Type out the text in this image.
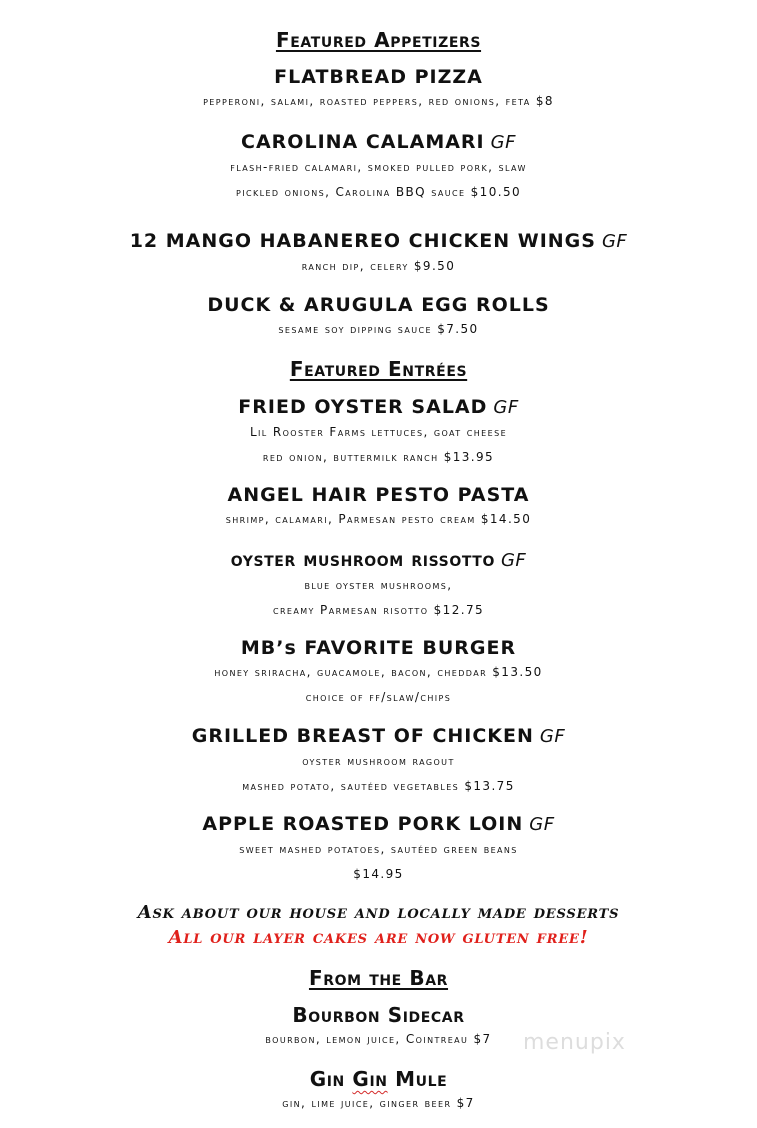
Featured Appetizers

FLATBREAD PIZZA

pepperoni, salami, roasted peppers, red onions, feta $8

CAROLINA CALAMARI GF

flash-fried calamari, smoked pulled pork, slaw

pickled onions, Carolina BBQ sauce $10.50

12 MANGO HABANEREO CHICKEN WINGS GF

ranch dip, celery $9.50

DUCK & ARUGULA EGG ROLLS

sesame soy dipping sauce $7.50

Featured Entrées

FRIED OYSTER SALAD GF

Lil Rooster Farms lettuces, goat cheese

red onion, buttermilk ranch $13.95

ANGEL HAIR PESTO PASTA

shrimp, calamari, Parmesan pesto cream $14.50

oyster mushroom rissotto GF

blue oyster mushrooms,

creamy Parmesan risotto $12.75

MB’s FAVORITE BURGER

honey sriracha, guacamole, bacon, cheddar $13.50

choice of ff/slaw/chips

GRILLED BREAST OF CHICKEN GF

oyster mushroom ragout

mashed potato, sautéed vegetables $13.75

APPLE ROASTED PORK LOIN GF

sweet mashed potatoes, sautéed green beans

$14.95

Ask about our house and locally made desserts

All our layer cakes are now gluten free!

From the Bar

Bourbon Sidecar

bourbon, lemon juice, Cointreau $7

Gin Gin Mule

gin, lime juice, ginger beer $7

menupix
